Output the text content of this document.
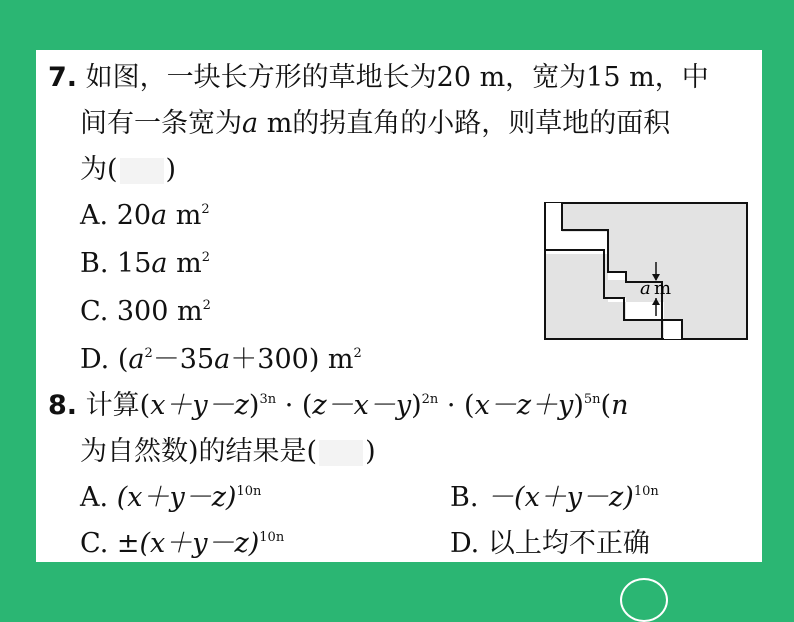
7. 如图，一块长方形的草地长为20 m，宽为15 m，中
间有一条宽为a m的拐直角的小路，则草地的面积
为( )
A. 20a $m^2$
B. 15a $m^2$
C. 300 $m^2$
D. $(a^2-35a+300)$ $m^2$
a m
8. 计算$(x+y-z)^{3n} \cdot (z-x-y)^{2n} \cdot (x-z+y)^{5n}(n$
为自然数)的结果是( )
A. $(x+y-z)^{10n}$	B. $-(x+y-z)^{10n}$
C. $\pm(x+y-z)^{10n}$	D. 以上均不正确
